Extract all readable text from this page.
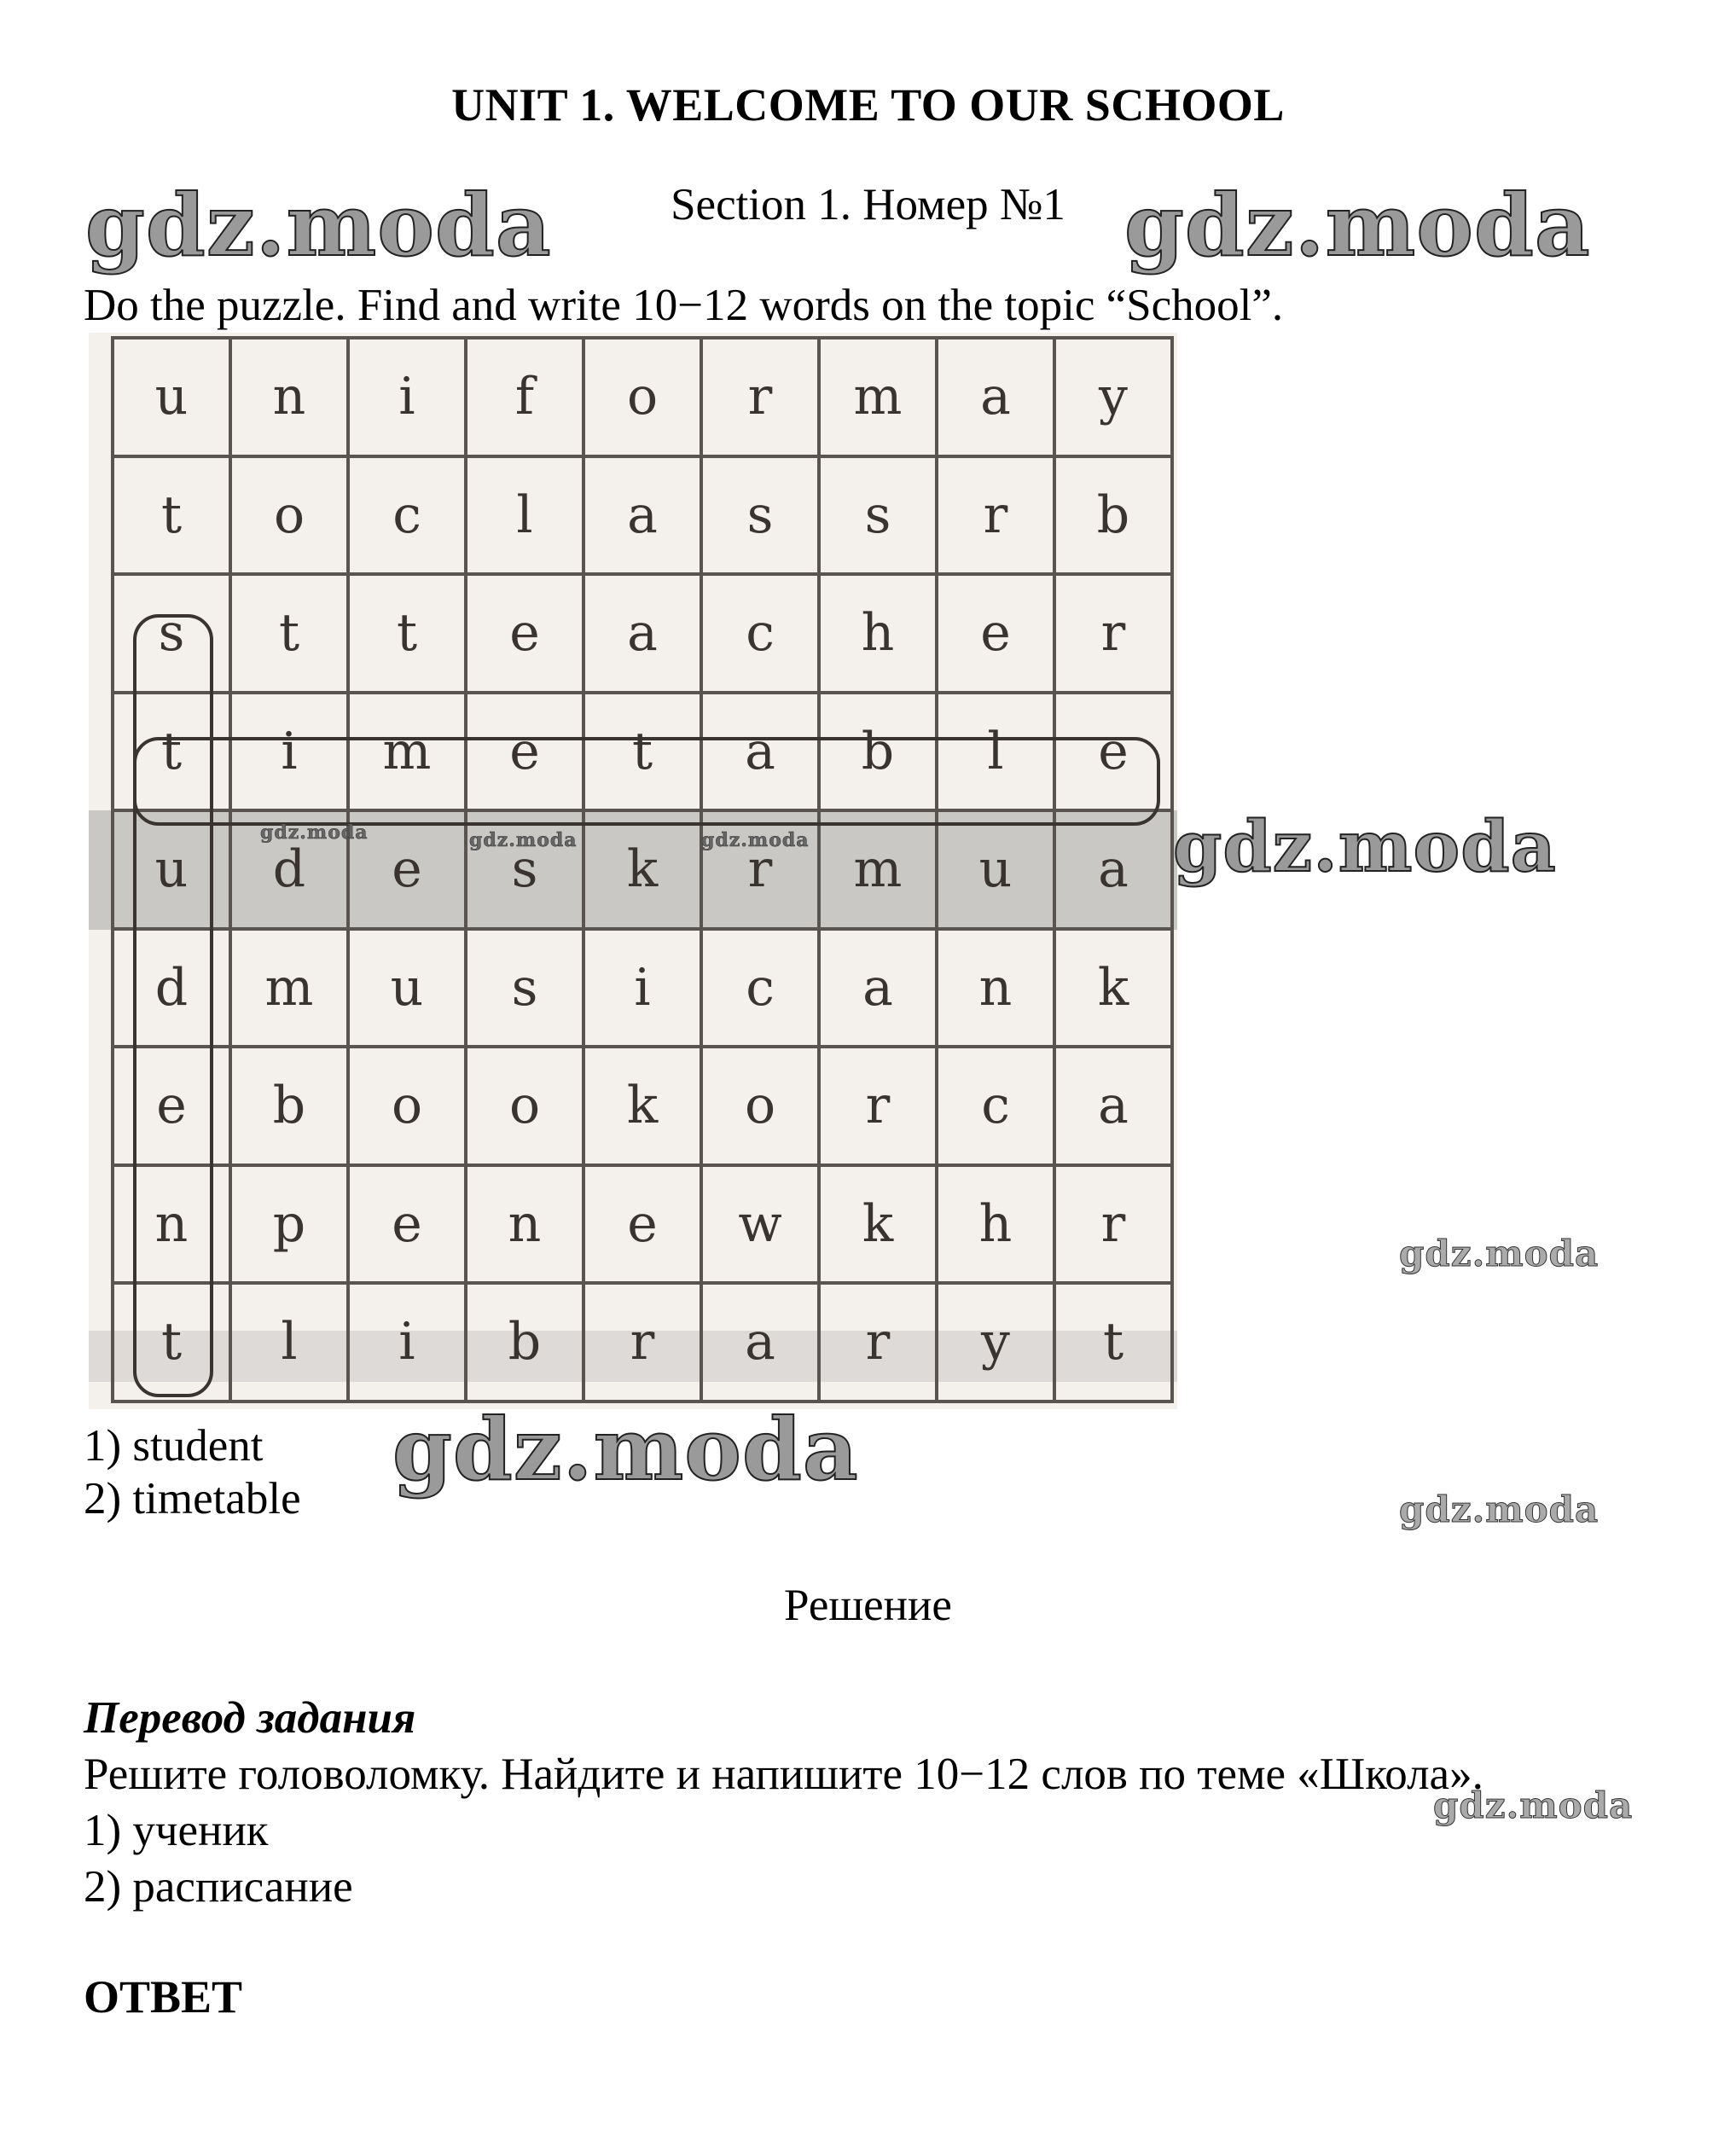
UNIT 1. WELCOME TO OUR SCHOOL
Section 1. Номер №1
Do the puzzle. Find and write 10−12 words on the topic “School”.
u	n	i	f	o	r	m	a	y
t	o	c	l	a	s	s	r	b
s	t	t	e	a	c	h	e	r
t	i	m	e	t	a	b	l	e
u	d	e	s	k	r	m	u	a
d	m	u	s	i	c	a	n	k
e	b	o	o	k	o	r	c	a
n	p	e	n	e	w	k	h	r
t	l	i	b	r	a	r	y	t
1) student
2) timetable
Решение
Перевод задания
Решите головоломку. Найдите и напишите 10−12 слов по теме «Школа».
1) ученик
2) расписание
ОТВЕТ
gdz.moda	gdz.moda
gdz.moda
gdz.moda
gdz.moda
gdz.moda
gdz.moda
gdz.moda	gdz.moda	gdz.moda
